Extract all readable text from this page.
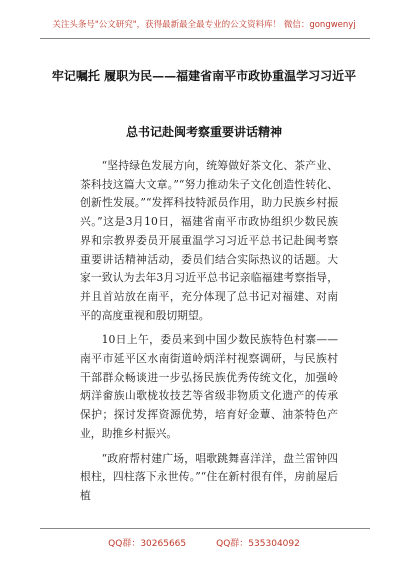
关注头条号"公文研究"，获得最新最全最专业的公文资料库！ 微信：gongwenyj
牢记嘱托 履职为民——福建省南平市政协重温学习习近平
总书记赴闽考察重要讲话精神

“坚持绿色发展方向，统筹做好茶文化、茶产业、茶科技这篇大文章。”“努力推动朱子文化创造性转化、创新性发展。”“发挥科技特派员作用，助力民族乡村振兴。”这是3月10日，福建省南平市政协组织少数民族界和宗教界委员开展重温学习习近平总书记赴闽考察重要讲话精神活动，委员们结合实际热议的话题。大家一致认为去年3月习近平总书记亲临福建考察指导，并且首站放在南平，充分体现了总书记对福建、对南平的高度重视和殷切期望。

10日上午，委员来到中国少数民族特色村寨——南平市延平区水南街道岭炳洋村视察调研，与民族村干部群众畅谈进一步弘扬民族优秀传统文化，加强岭炳洋畲族山歌栊妆技艺等省级非物质文化遗产的传承保护；探讨发挥资源优势，培育好金蕈、油茶特色产业，助推乡村振兴。

“政府帮村建广场，唱歌跳舞喜洋洋，盘兰雷钟四根柱，四柱落下永世传。”“住在新村很有伴，房前屋后植

QQ群：30265665	QQ群：535304092
